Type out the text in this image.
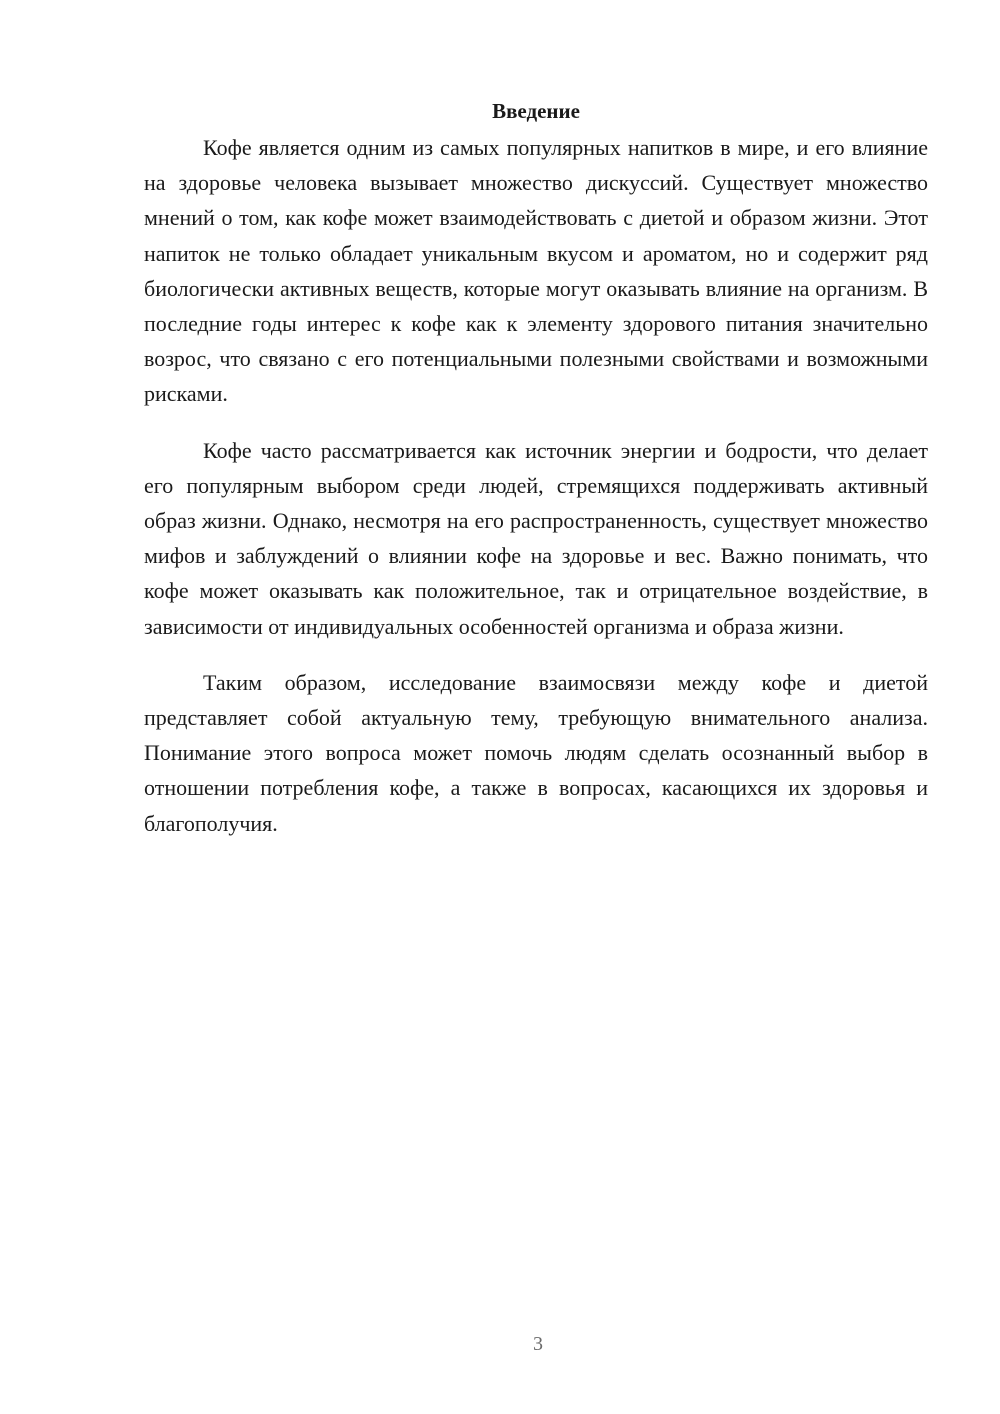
Введение

Кофе является одним из самых популярных напитков в мире, и его влияние на здоровье человека вызывает множество дискуссий. Существует множество мнений о том, как кофе может взаимодействовать с диетой и образом жизни. Этот напиток не только обладает уникальным вкусом и ароматом, но и содержит ряд биологически активных веществ, которые могут оказывать влияние на организм. В последние годы интерес к кофе как к элементу здорового питания значительно возрос, что связано с его потенциальными полезными свойствами и возможными рисками.

Кофе часто рассматривается как источник энергии и бодрости, что делает его популярным выбором среди людей, стремящихся поддерживать активный образ жизни. Однако, несмотря на его распространенность, существует множество мифов и заблуждений о влиянии кофе на здоровье и вес. Важно понимать, что кофе может оказывать как положительное, так и отрицательное воздействие, в зависимости от индивидуальных особенностей организма и образа жизни.

Таким образом, исследование взаимосвязи между кофе и диетой представляет собой актуальную тему, требующую внимательного анализа. Понимание этого вопроса может помочь людям сделать осознанный выбор в отношении потребления кофе, а также в вопросах, касающихся их здоровья и благополучия.

3
